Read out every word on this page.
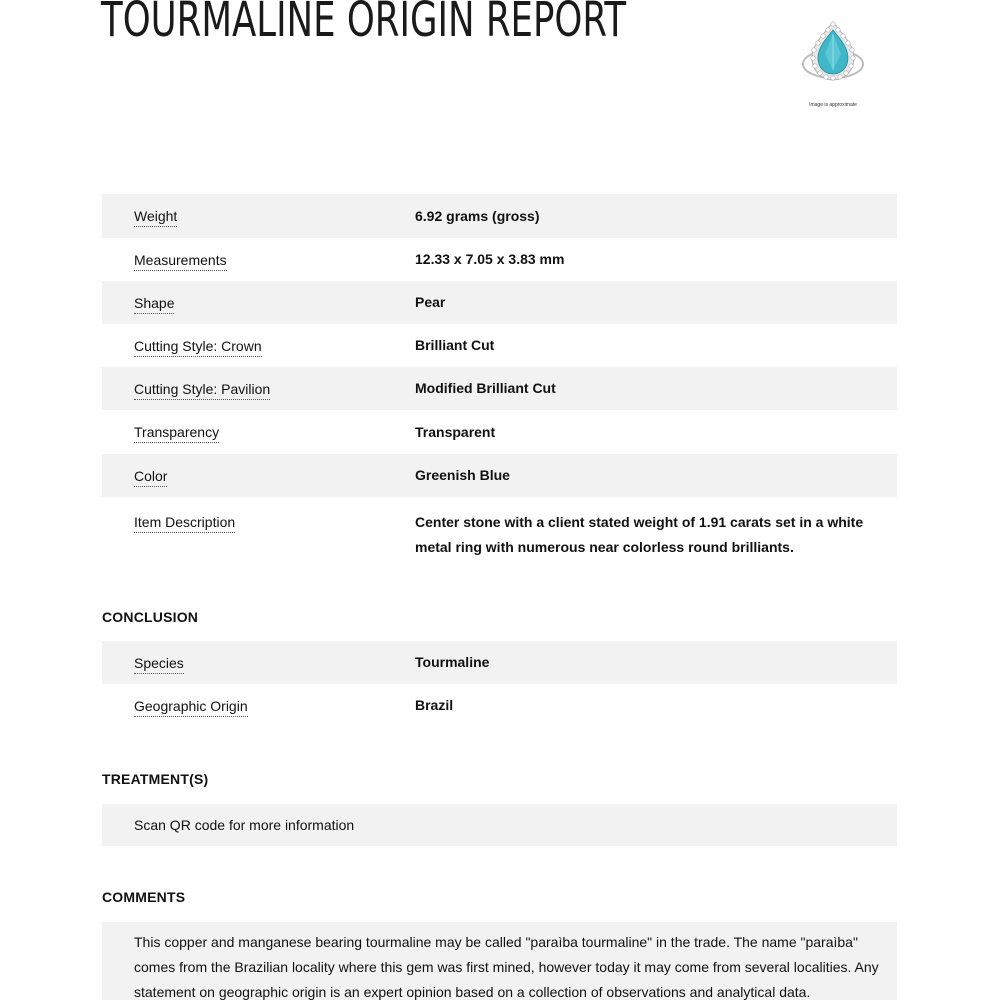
TOURMALINE ORIGIN REPORT
Image is approximate
Weight	6.92 grams (gross)
Measurements	12.33 x 7.05 x 3.83 mm
Shape	Pear
Cutting Style: Crown	Brilliant Cut
Cutting Style: Pavilion	Modified Brilliant Cut
Transparency	Transparent
Color	Greenish Blue
Item Description	Center stone with a client stated weight of 1.91 carats set in a white metal ring with numerous near colorless round brilliants.
CONCLUSION
Species	Tourmaline
Geographic Origin	Brazil
TREATMENT(S)
Scan QR code for more information
COMMENTS
This copper and manganese bearing tourmaline may be called "paraìba tourmaline" in the trade. The name "paraìba" comes from the Brazilian locality where this gem was first mined, however today it may come from several localities. Any statement on geographic origin is an expert opinion based on a collection of observations and analytical data.
